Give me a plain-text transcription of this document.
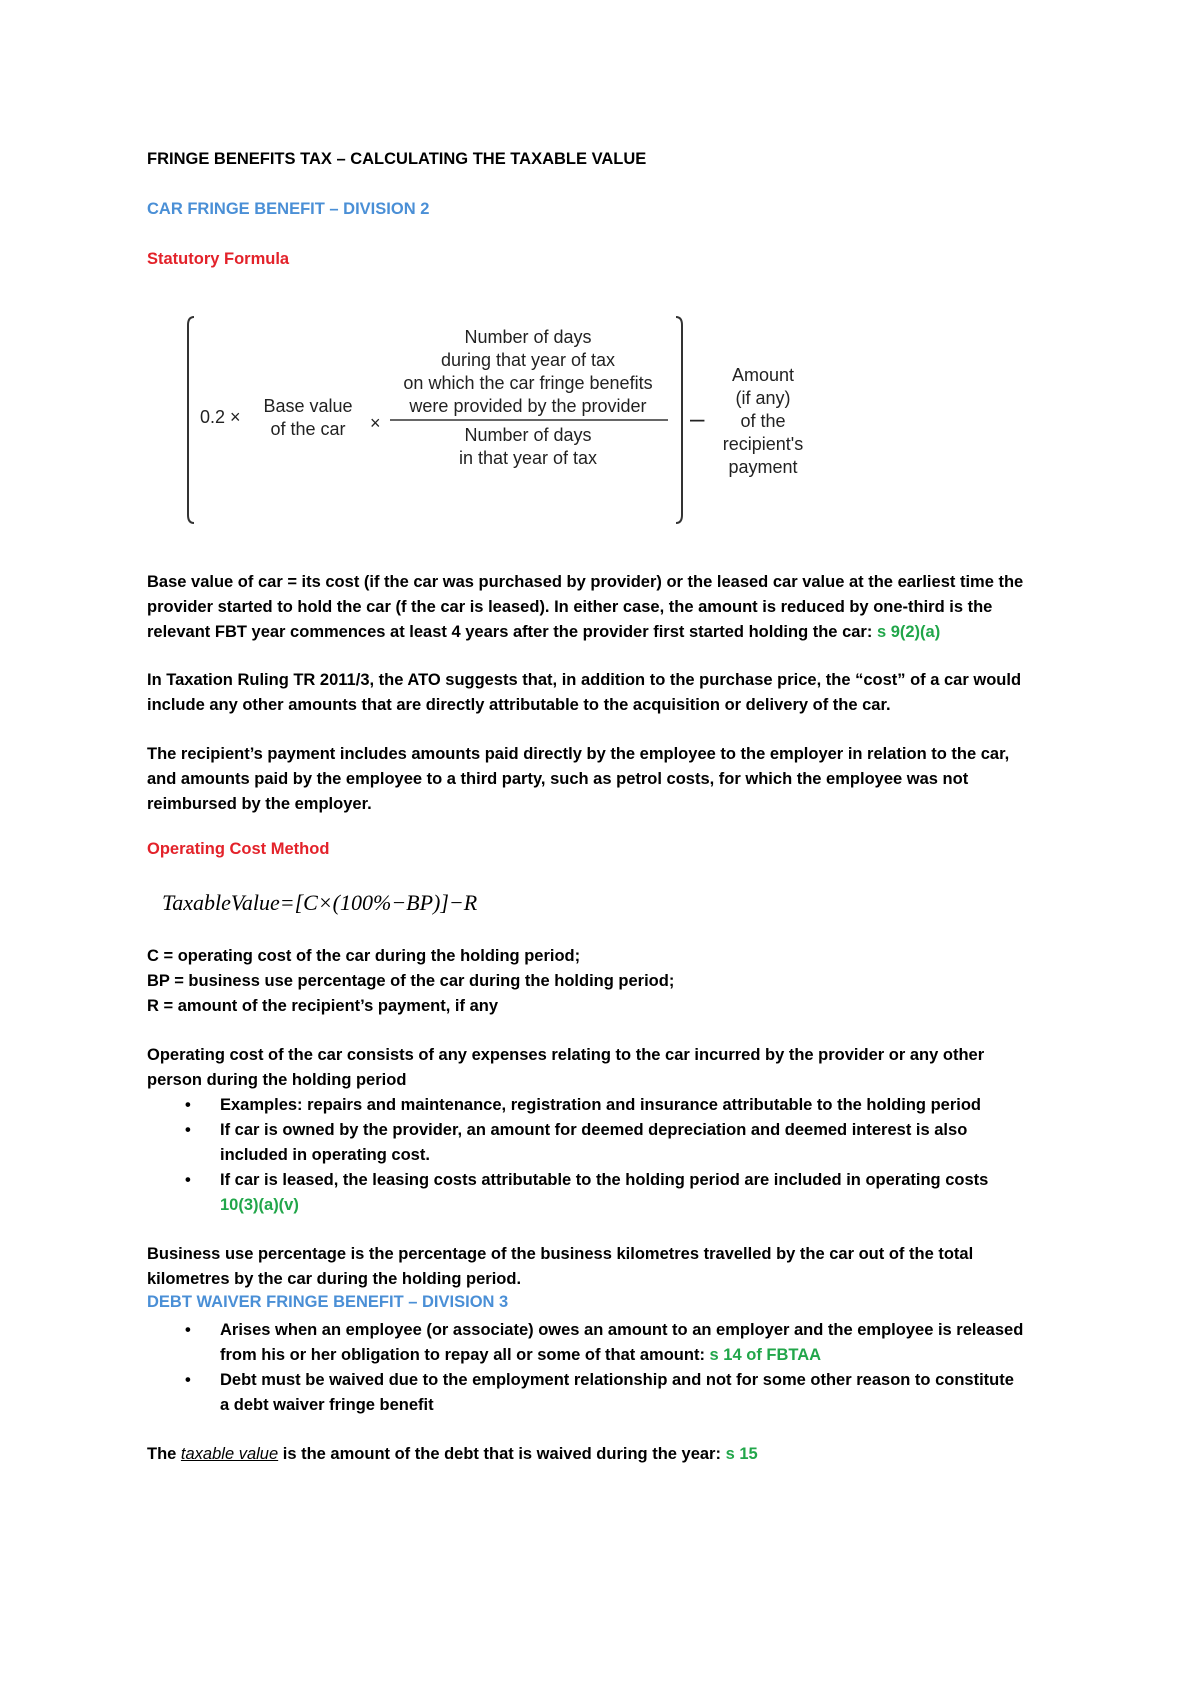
FRINGE BENEFITS TAX – CALCULATING THE TAXABLE VALUE
CAR FRINGE BENEFIT – DIVISION 2
Statutory Formula
0.2 ×
Base value
of the car ×
Number of days
during that year of tax
on which the car fringe benefits
were provided by the provider
Number of days
in that year of tax
–
Amount
(if any)
of the
recipient's
payment

Base value of car = its cost (if the car was purchased by provider) or the leased car value at the earliest time the
provider started to hold the car (f the car is leased). In either case, the amount is reduced by one-third is the
relevant FBT year commences at least 4 years after the provider first started holding the car: s 9(2)(a)

In Taxation Ruling TR 2011/3, the ATO suggests that, in addition to the purchase price, the “cost” of a car would
include any other amounts that are directly attributable to the acquisition or delivery of the car.

The recipient’s payment includes amounts paid directly by the employee to the employer in relation to the car,
and amounts paid by the employee to a third party, such as petrol costs, for which the employee was not
reimbursed by the employer.

Operating Cost Method
TaxableValue=[C×(100%−BP)]−R

C = operating cost of the car during the holding period;
BP = business use percentage of the car during the holding period;
R = amount of the recipient’s payment, if any

Operating cost of the car consists of any expenses relating to the car incurred by the provider or any other
person during the holding period

• Examples: repairs and maintenance, registration and insurance attributable to the holding period
• If car is owned by the provider, an amount for deemed depreciation and deemed interest is also
included in operating cost.
• If car is leased, the leasing costs attributable to the holding period are included in operating costs
10(3)(a)(v)

Business use percentage is the percentage of the business kilometres travelled by the car out of the total
kilometres by the car during the holding period.

DEBT WAIVER FRINGE BENEFIT – DIVISION 3
• Arises when an employee (or associate) owes an amount to an employer and the employee is released
from his or her obligation to repay all or some of that amount: s 14 of FBTAA
• Debt must be waived due to the employment relationship and not for some other reason to constitute
a debt waiver fringe benefit

The taxable value is the amount of the debt that is waived during the year: s 15
